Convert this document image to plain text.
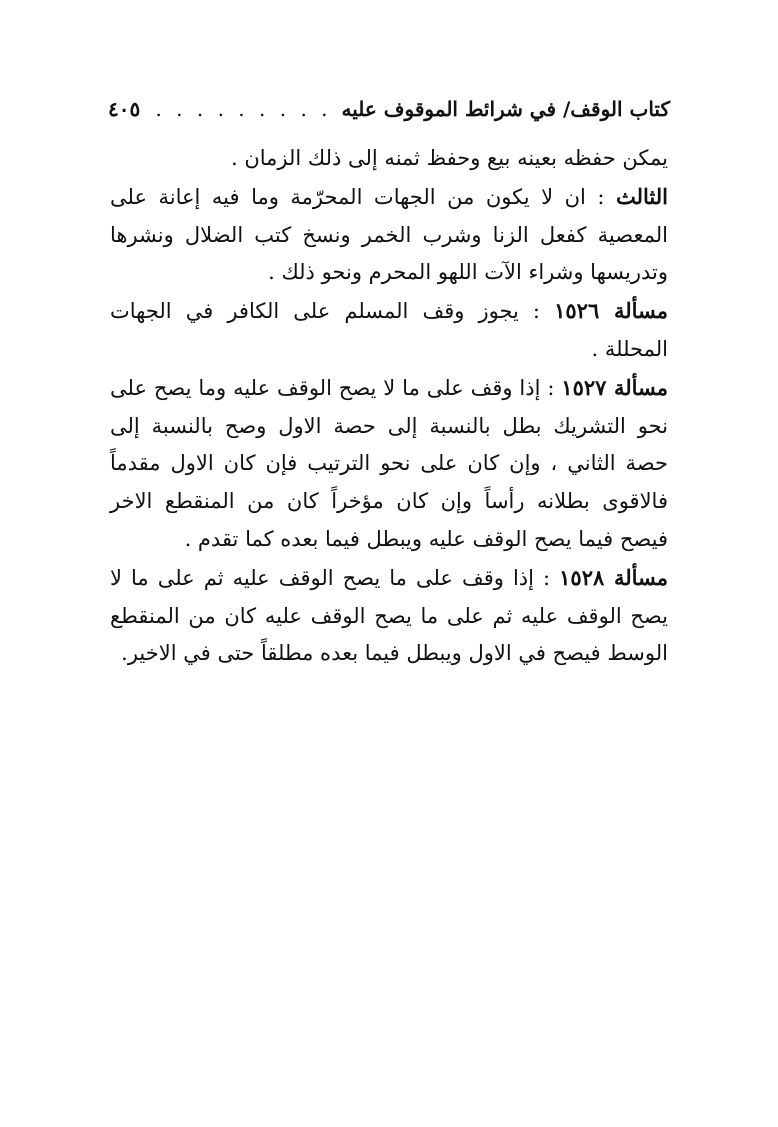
كتاب الوقف/ في شرائط الموقوف عليه
. . .
٤٠٥

يمكن حفظه بعينه بيع وحفظ ثمنه إلى ذلك الزمان .

الثالث : ان لا يكون من الجهات المحرّمة وما فيه إعانة على المعصية كفعل الزنا وشرب الخمر ونسخ كتب الضلال ونشرها وتدريسها وشراء الآت اللهو المحرم ونحو ذلك .

مسألة ١٥٢٦ : يجوز وقف المسلم على الكافر في الجهات المحللة .

مسألة ١٥٢٧ : إذا وقف على ما لا يصح الوقف عليه وما يصح على نحو التشريك بطل بالنسبة إلى حصة الاول وصح بالنسبة إلى حصة الثاني ، وإن كان على نحو الترتيب فإن كان الاول مقدماً فالاقوى بطلانه رأساً وإن كان مؤخراً كان من المنقطع الاخر فيصح فيما يصح الوقف عليه ويبطل فيما بعده كما تقدم .

مسألة ١٥٢٨ : إذا وقف على ما يصح الوقف عليه ثم على ما لا يصح الوقف عليه ثم على ما يصح الوقف عليه كان من المنقطع الوسط فيصح في الاول ويبطل فيما بعده مطلقاً حتى في الاخير.
